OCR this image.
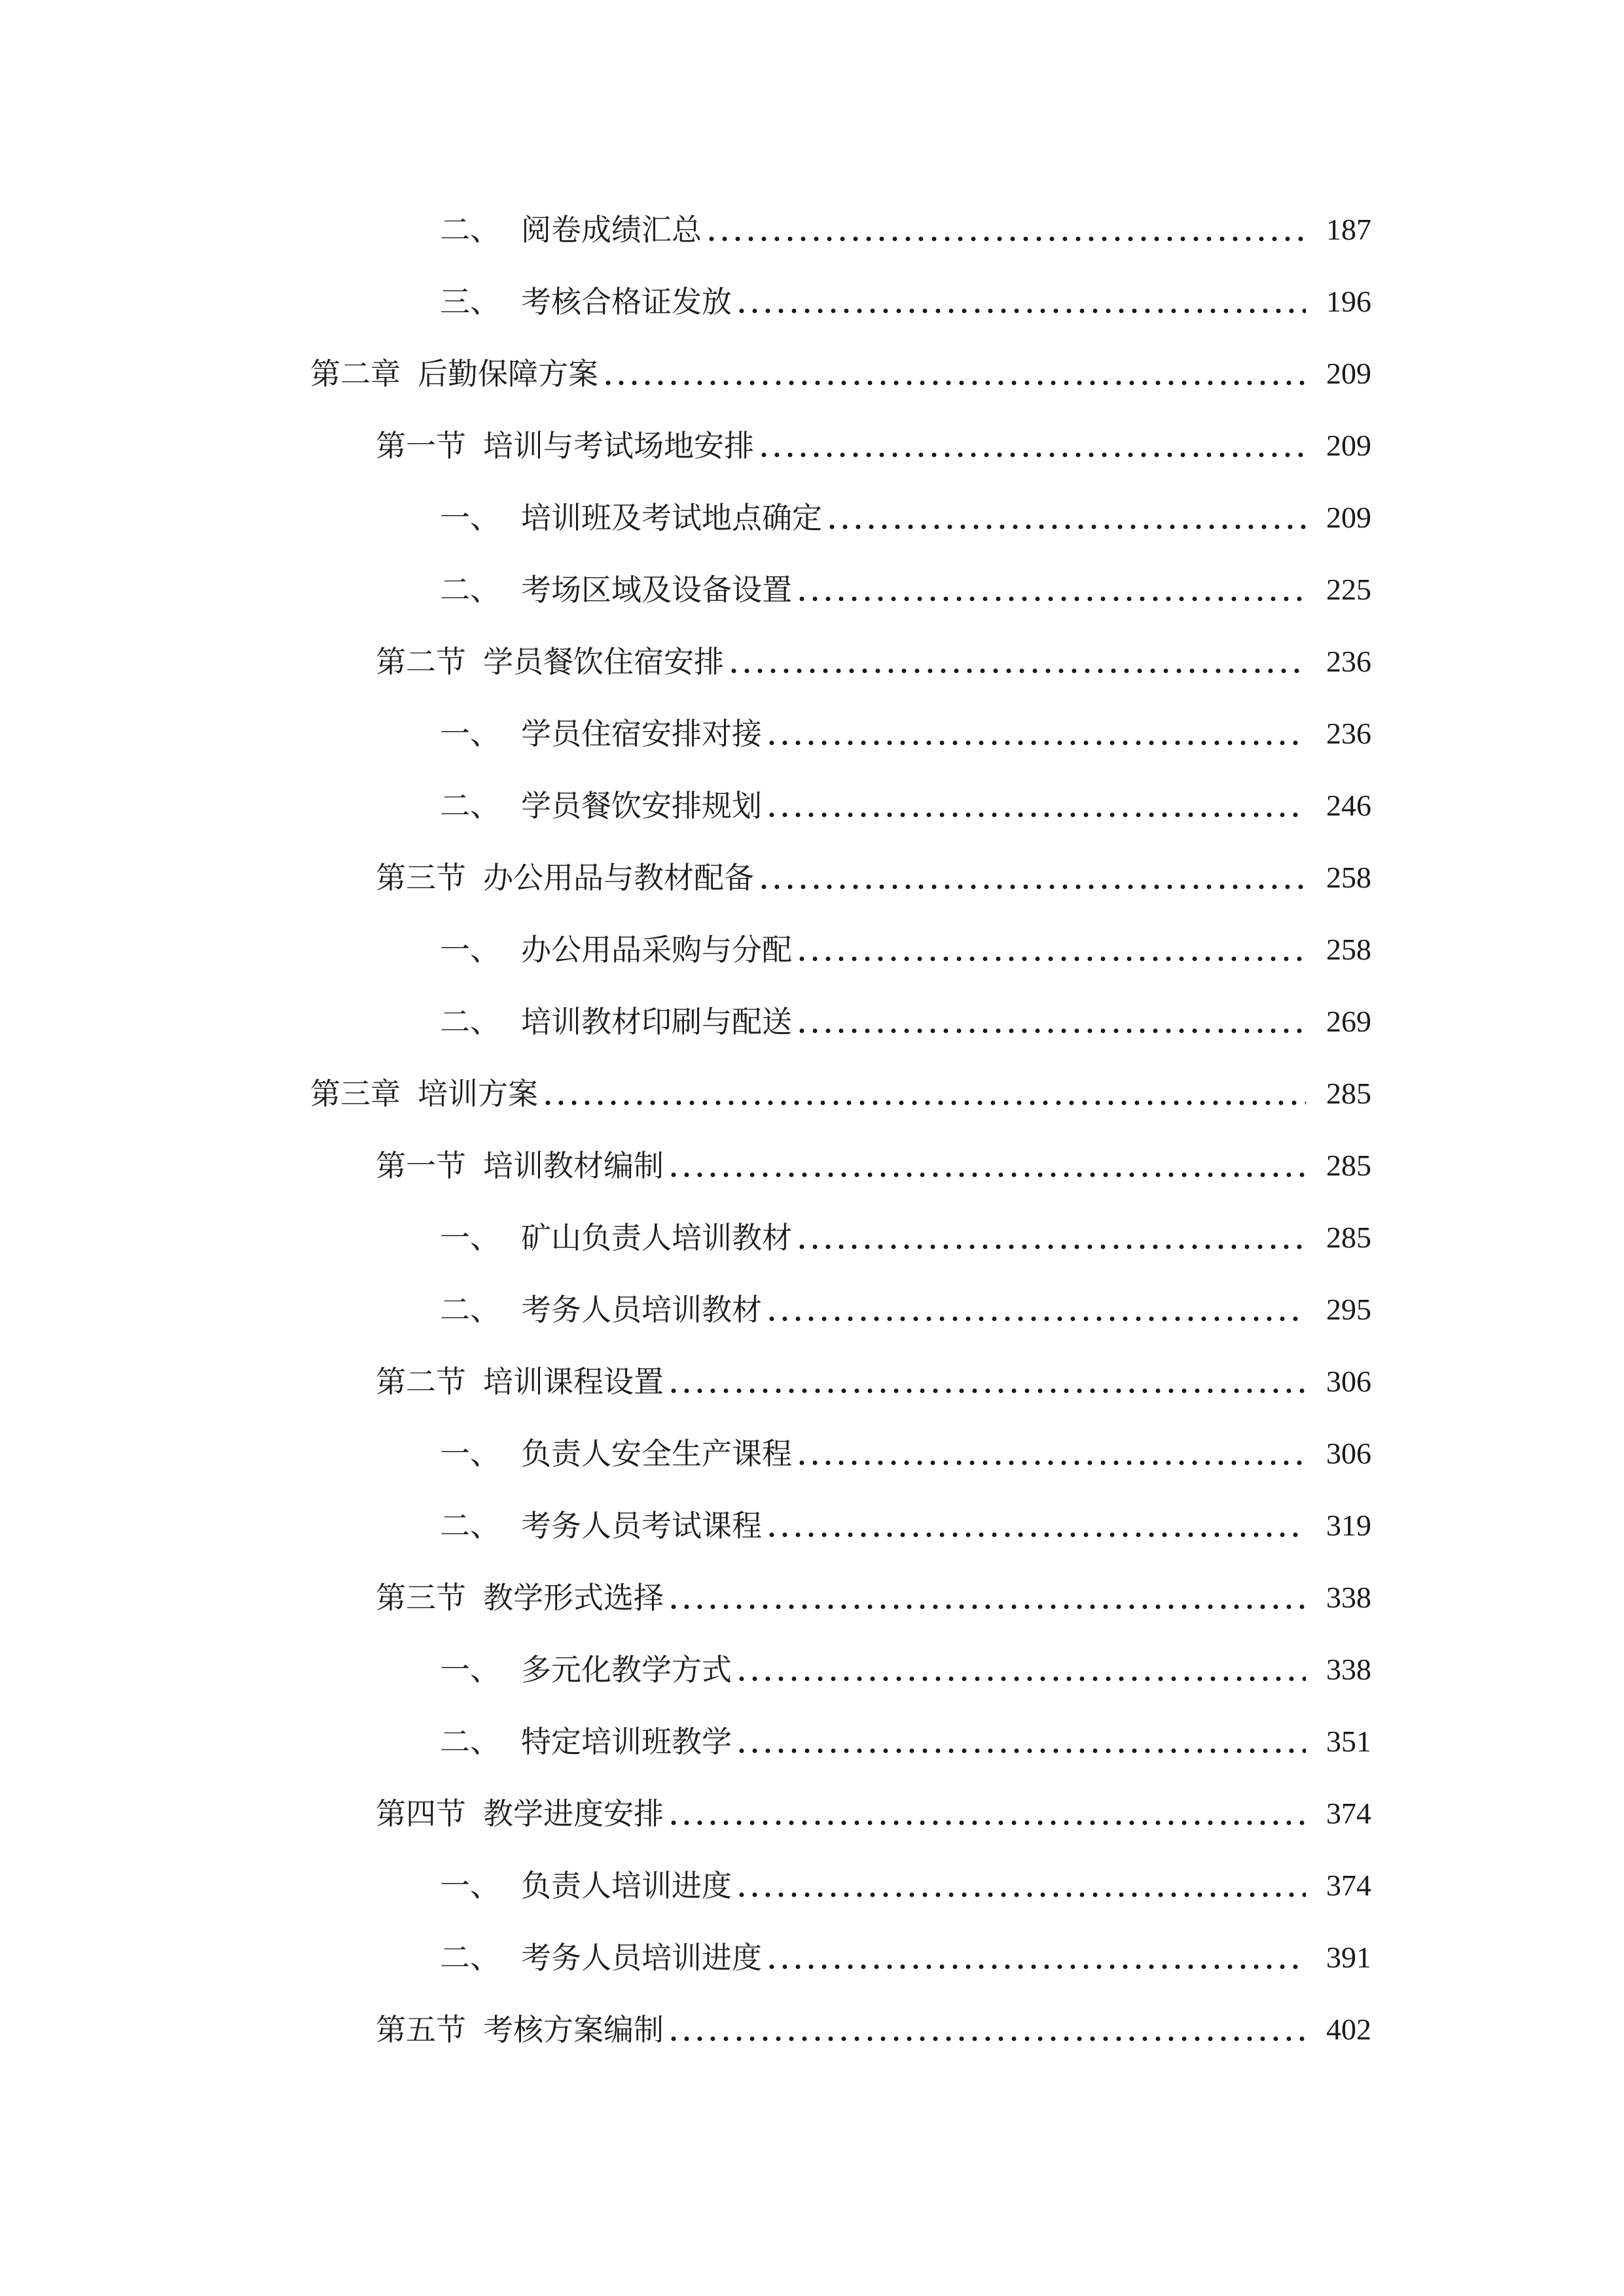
二、 阅卷成绩汇总	187
三、 考核合格证发放	196
第二章 后勤保障方案	209
第一节 培训与考试场地安排	209
一、 培训班及考试地点确定	209
二、 考场区域及设备设置	225
第二节 学员餐饮住宿安排	236
一、 学员住宿安排对接	236
二、 学员餐饮安排规划	246
第三节 办公用品与教材配备	258
一、 办公用品采购与分配	258
二、 培训教材印刷与配送	269
第三章 培训方案	285
第一节 培训教材编制	285
一、 矿山负责人培训教材	285
二、 考务人员培训教材	295
第二节 培训课程设置	306
一、 负责人安全生产课程	306
二、 考务人员考试课程	319
第三节 教学形式选择	338
一、 多元化教学方式	338
二、 特定培训班教学	351
第四节 教学进度安排	374
一、 负责人培训进度	374
二、 考务人员培训进度	391
第五节 考核方案编制	402
